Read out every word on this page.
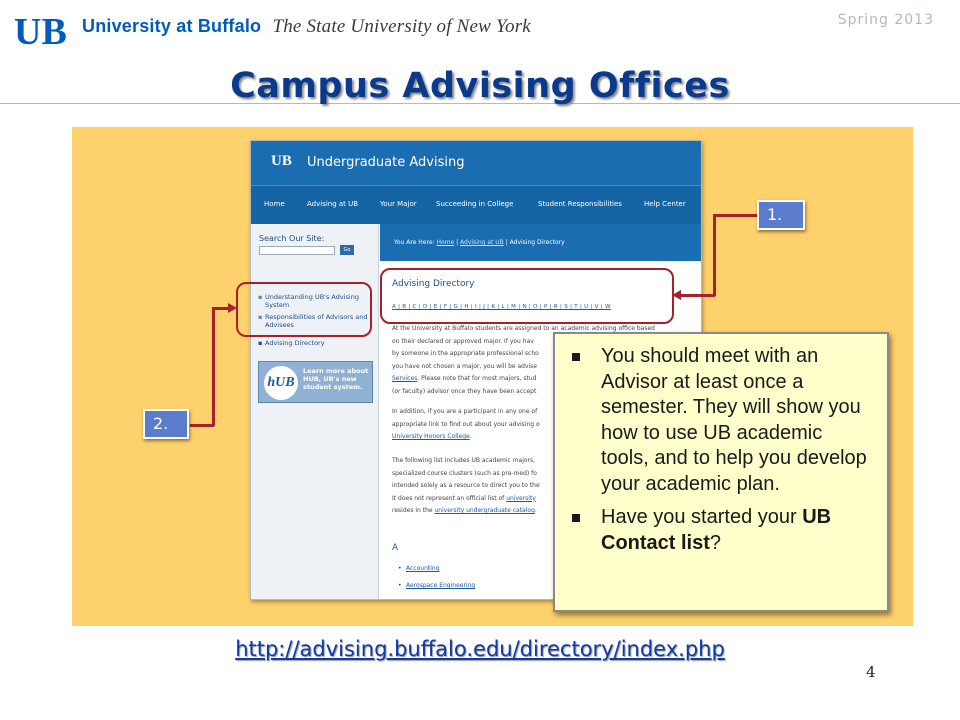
UB University at Buffalo The State University of New York	Spring 2013
Campus Advising Offices
UB Undergraduate Advising
Home	Advising at UB	Your Major	Succeeding in College	Student Responsibilities	Help Center
Search Our Site:
Go
▪ Understanding UB's Advising System
▪ Responsibilities of Advisors and Advisees
▪ Advising Directory
hUB
Learn more about HUB, UB's new student system.
You Are Here: Home | Advising at UB | Advising Directory
Advising Directory
A | B | C | D | E | F | G | H | I | J | K | L | M | N | O | P | R | S | T | U | V | W
At the University at Buffalo students are assigned to an academic advising office based
on their declared or approved major. If you hav
by someone in the appropriate professional scho
you have not chosen a major, you will be advise
Services. Please note that for most majors, stud
(or faculty) advisor once they have been accept
In addition, if you are a participant in any one of
appropriate link to find out about your advising o
University Honors College.
The following list includes UB academic majors,
specialized course clusters (such as pre-med) fo
intended solely as a resource to direct you to the
It does not represent an official list of university
resides in the university undergraduate catalog.
A
• Accounting
• Aerospace Engineering
1.
2.
You should meet with an Advisor at least once a semester. They will show you how to use UB academic tools, and to help you develop your academic plan.
Have you started your UB Contact list?
http://advising.buffalo.edu/directory/index.php
4
